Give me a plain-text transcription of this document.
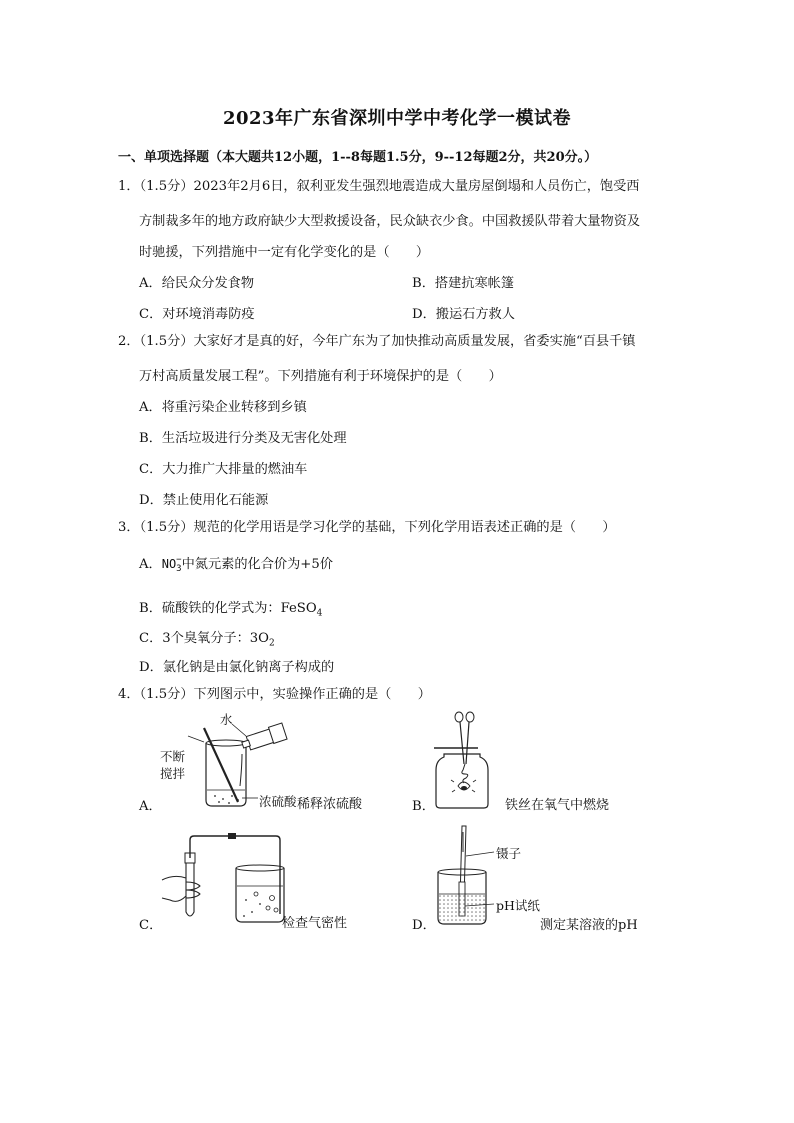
2023年广东省深圳中学中考化学一模试卷
一、单项选择题（本大题共12小题，1--8每题1.5分，9--12每题2分，共20分。）
1．（1.5分）2023年2月6日，叙利亚发生强烈地震造成大量房屋倒塌和人员伤亡，饱受西
方制裁多年的地方政府缺少大型救援设备，民众缺衣少食。中国救援队带着大量物资及
时驰援，下列措施中一定有化学变化的是（　　）
A．给民众分发食物	B．搭建抗寒帐篷
C．对环境消毒防疫	D．搬运石方救人
2．（1.5分）大家好才是真的好，今年广东为了加快推动高质量发展，省委实施“百县千镇
万村高质量发展工程”。下列措施有利于环境保护的是（　　）
A．将重污染企业转移到乡镇
B．生活垃圾进行分类及无害化处理
C．大力推广大排量的燃油车
D．禁止使用化石能源
3．（1.5分）规范的化学用语是学习化学的基础，下列化学用语表述正确的是（　　）
A．NO −
3 中氮元素的化合价为+5价
B．硫酸铁的化学式为：FeSO$_4$
C．3个臭氧分子：$3O_2$
D．氯化钠是由氯化钠离子构成的
4．（1.5分）下列图示中，实验操作正确的是（　　）
A．
水
不断
搅拌
浓硫酸 稀释浓硫酸	B．	铁丝在氧气中燃烧
C．	检查气密性	D．
镊子
pH试纸
测定某溶液的pH
